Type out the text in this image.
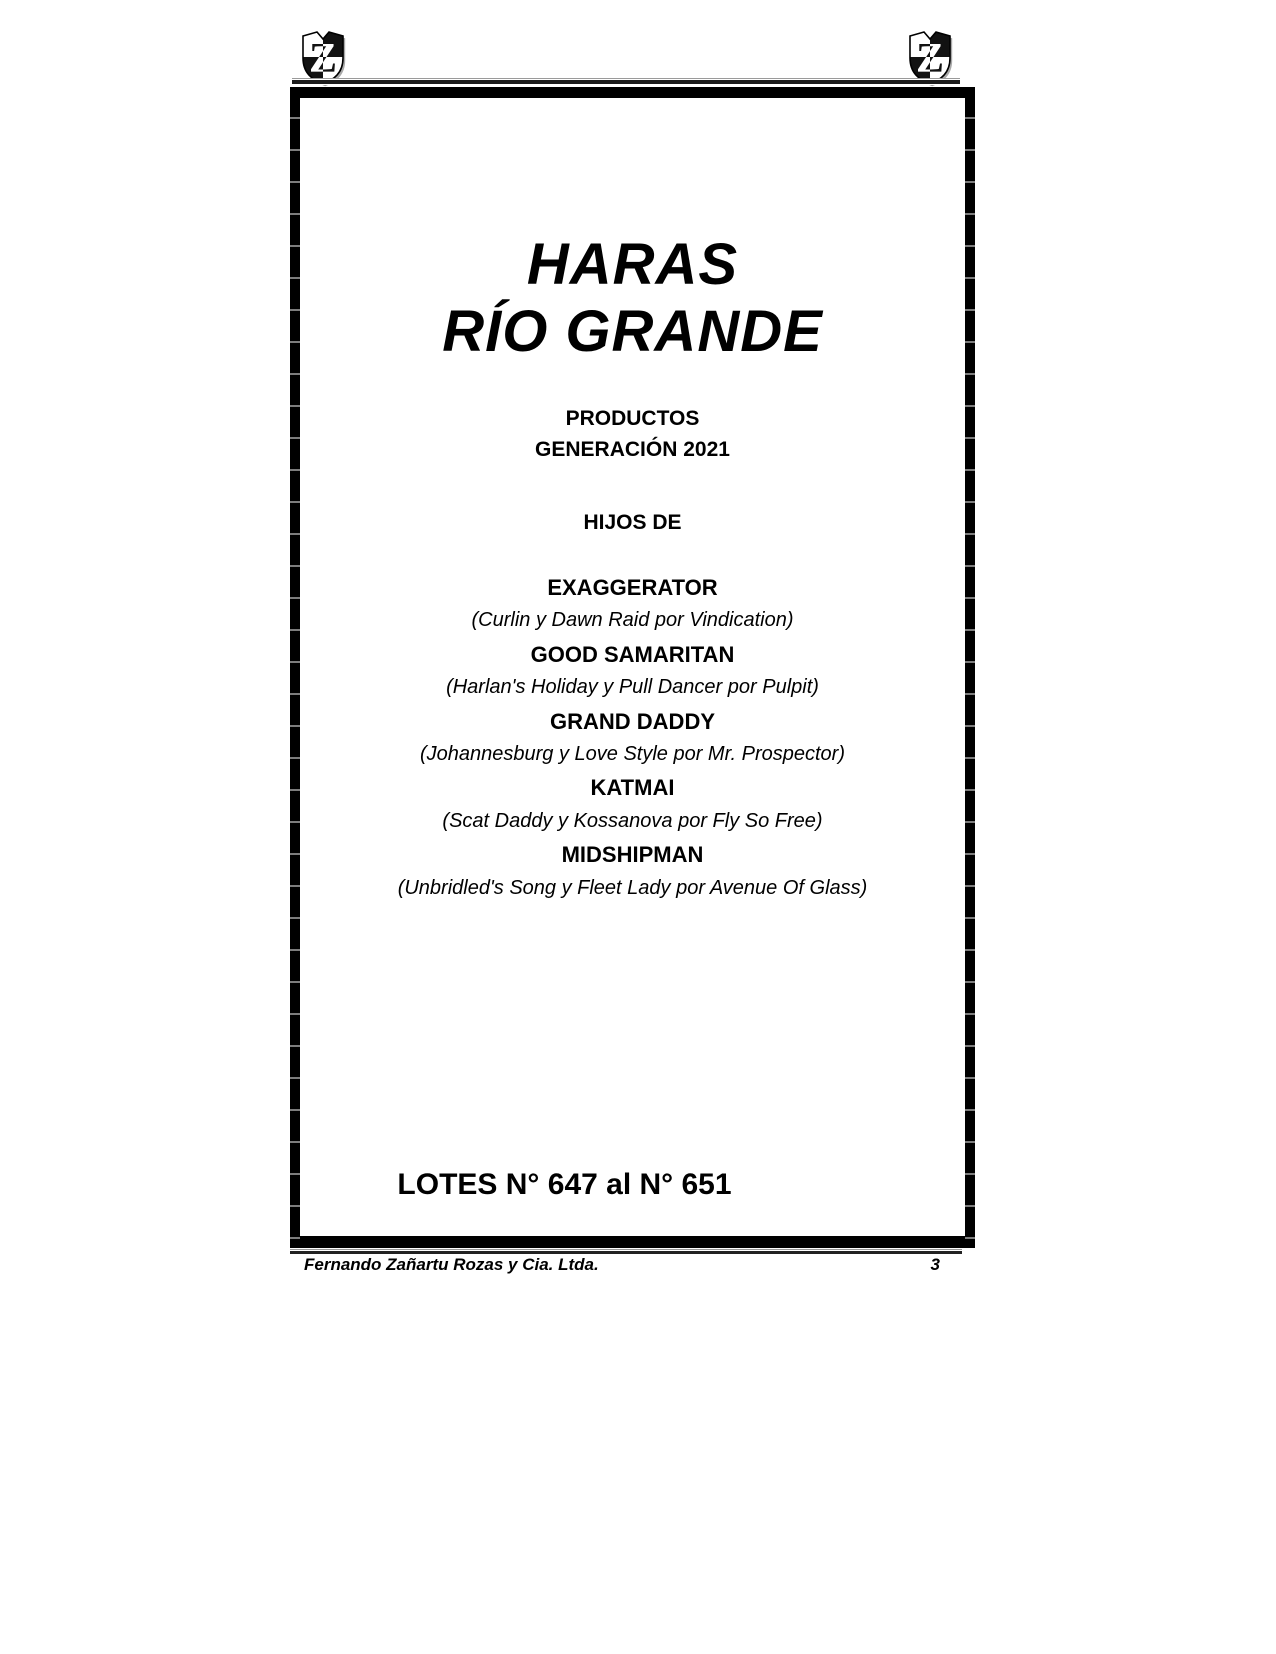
HARAS
RÍO GRANDE
PRODUCTOS
GENERACIÓN 2021
HIJOS DE
EXAGGERATOR
(Curlin y Dawn Raid por Vindication)
GOOD SAMARITAN
(Harlan's Holiday y Pull Dancer por Pulpit)
GRAND DADDY
(Johannesburg y Love Style por Mr. Prospector)
KATMAI
(Scat Daddy y Kossanova por Fly So Free)
MIDSHIPMAN
(Unbridled's Song y Fleet Lady por Avenue Of Glass)
LOTES N° 647 al N° 651
Fernando Zañartu Rozas y Cia. Ltda.	3
